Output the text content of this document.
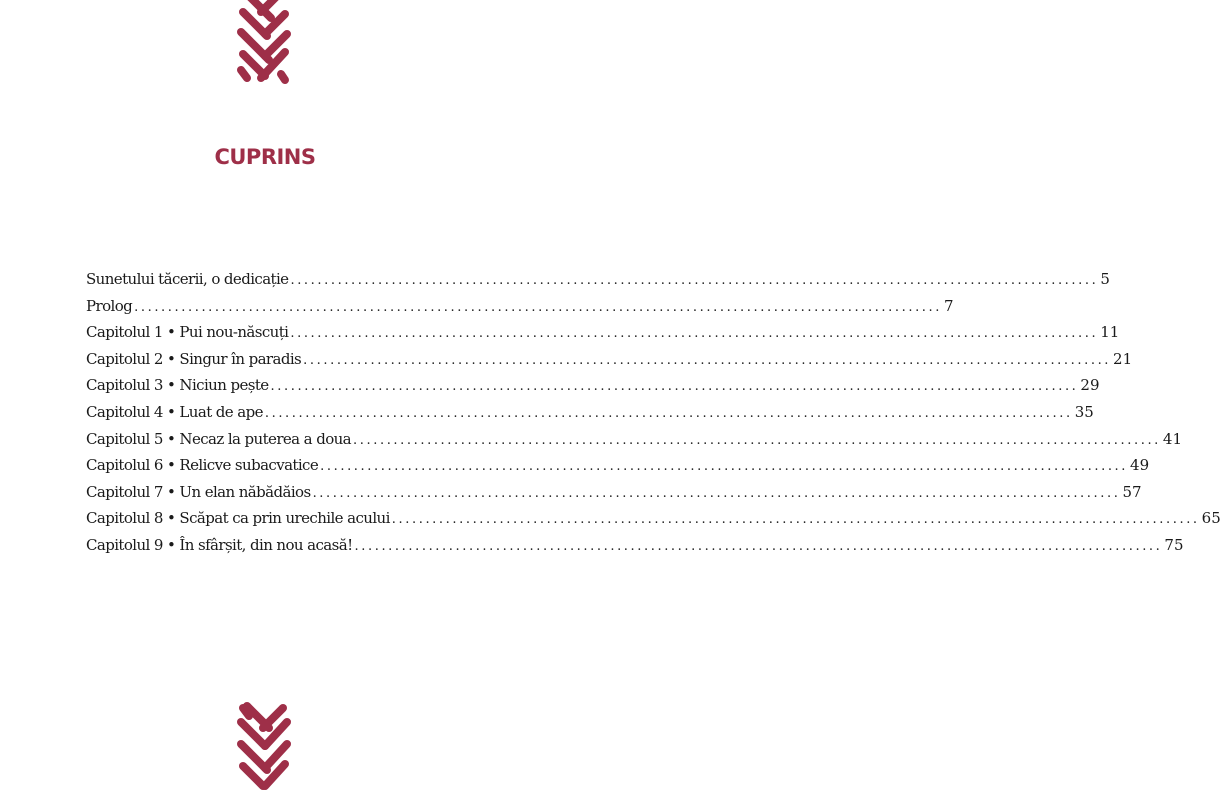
CUPRINS
Sunetului tăcerii, o dedicație ........................................................................................................................ 5
Prolog ........................................................................................................................ 7
Capitolul 1 • Pui nou-născuți ........................................................................................................................ 11
Capitolul 2 • Singur în paradis ........................................................................................................................ 21
Capitolul 3 • Niciun pește ........................................................................................................................ 29
Capitolul 4 • Luat de ape ........................................................................................................................ 35
Capitolul 5 • Necaz la puterea a doua ........................................................................................................................ 41
Capitolul 6 • Relicve subacvatice ........................................................................................................................ 49
Capitolul 7 • Un elan năbădăios ........................................................................................................................ 57
Capitolul 8 • Scăpat ca prin urechile acului ........................................................................................................................ 65
Capitolul 9 • În sfârșit, din nou acasă! ........................................................................................................................ 75
